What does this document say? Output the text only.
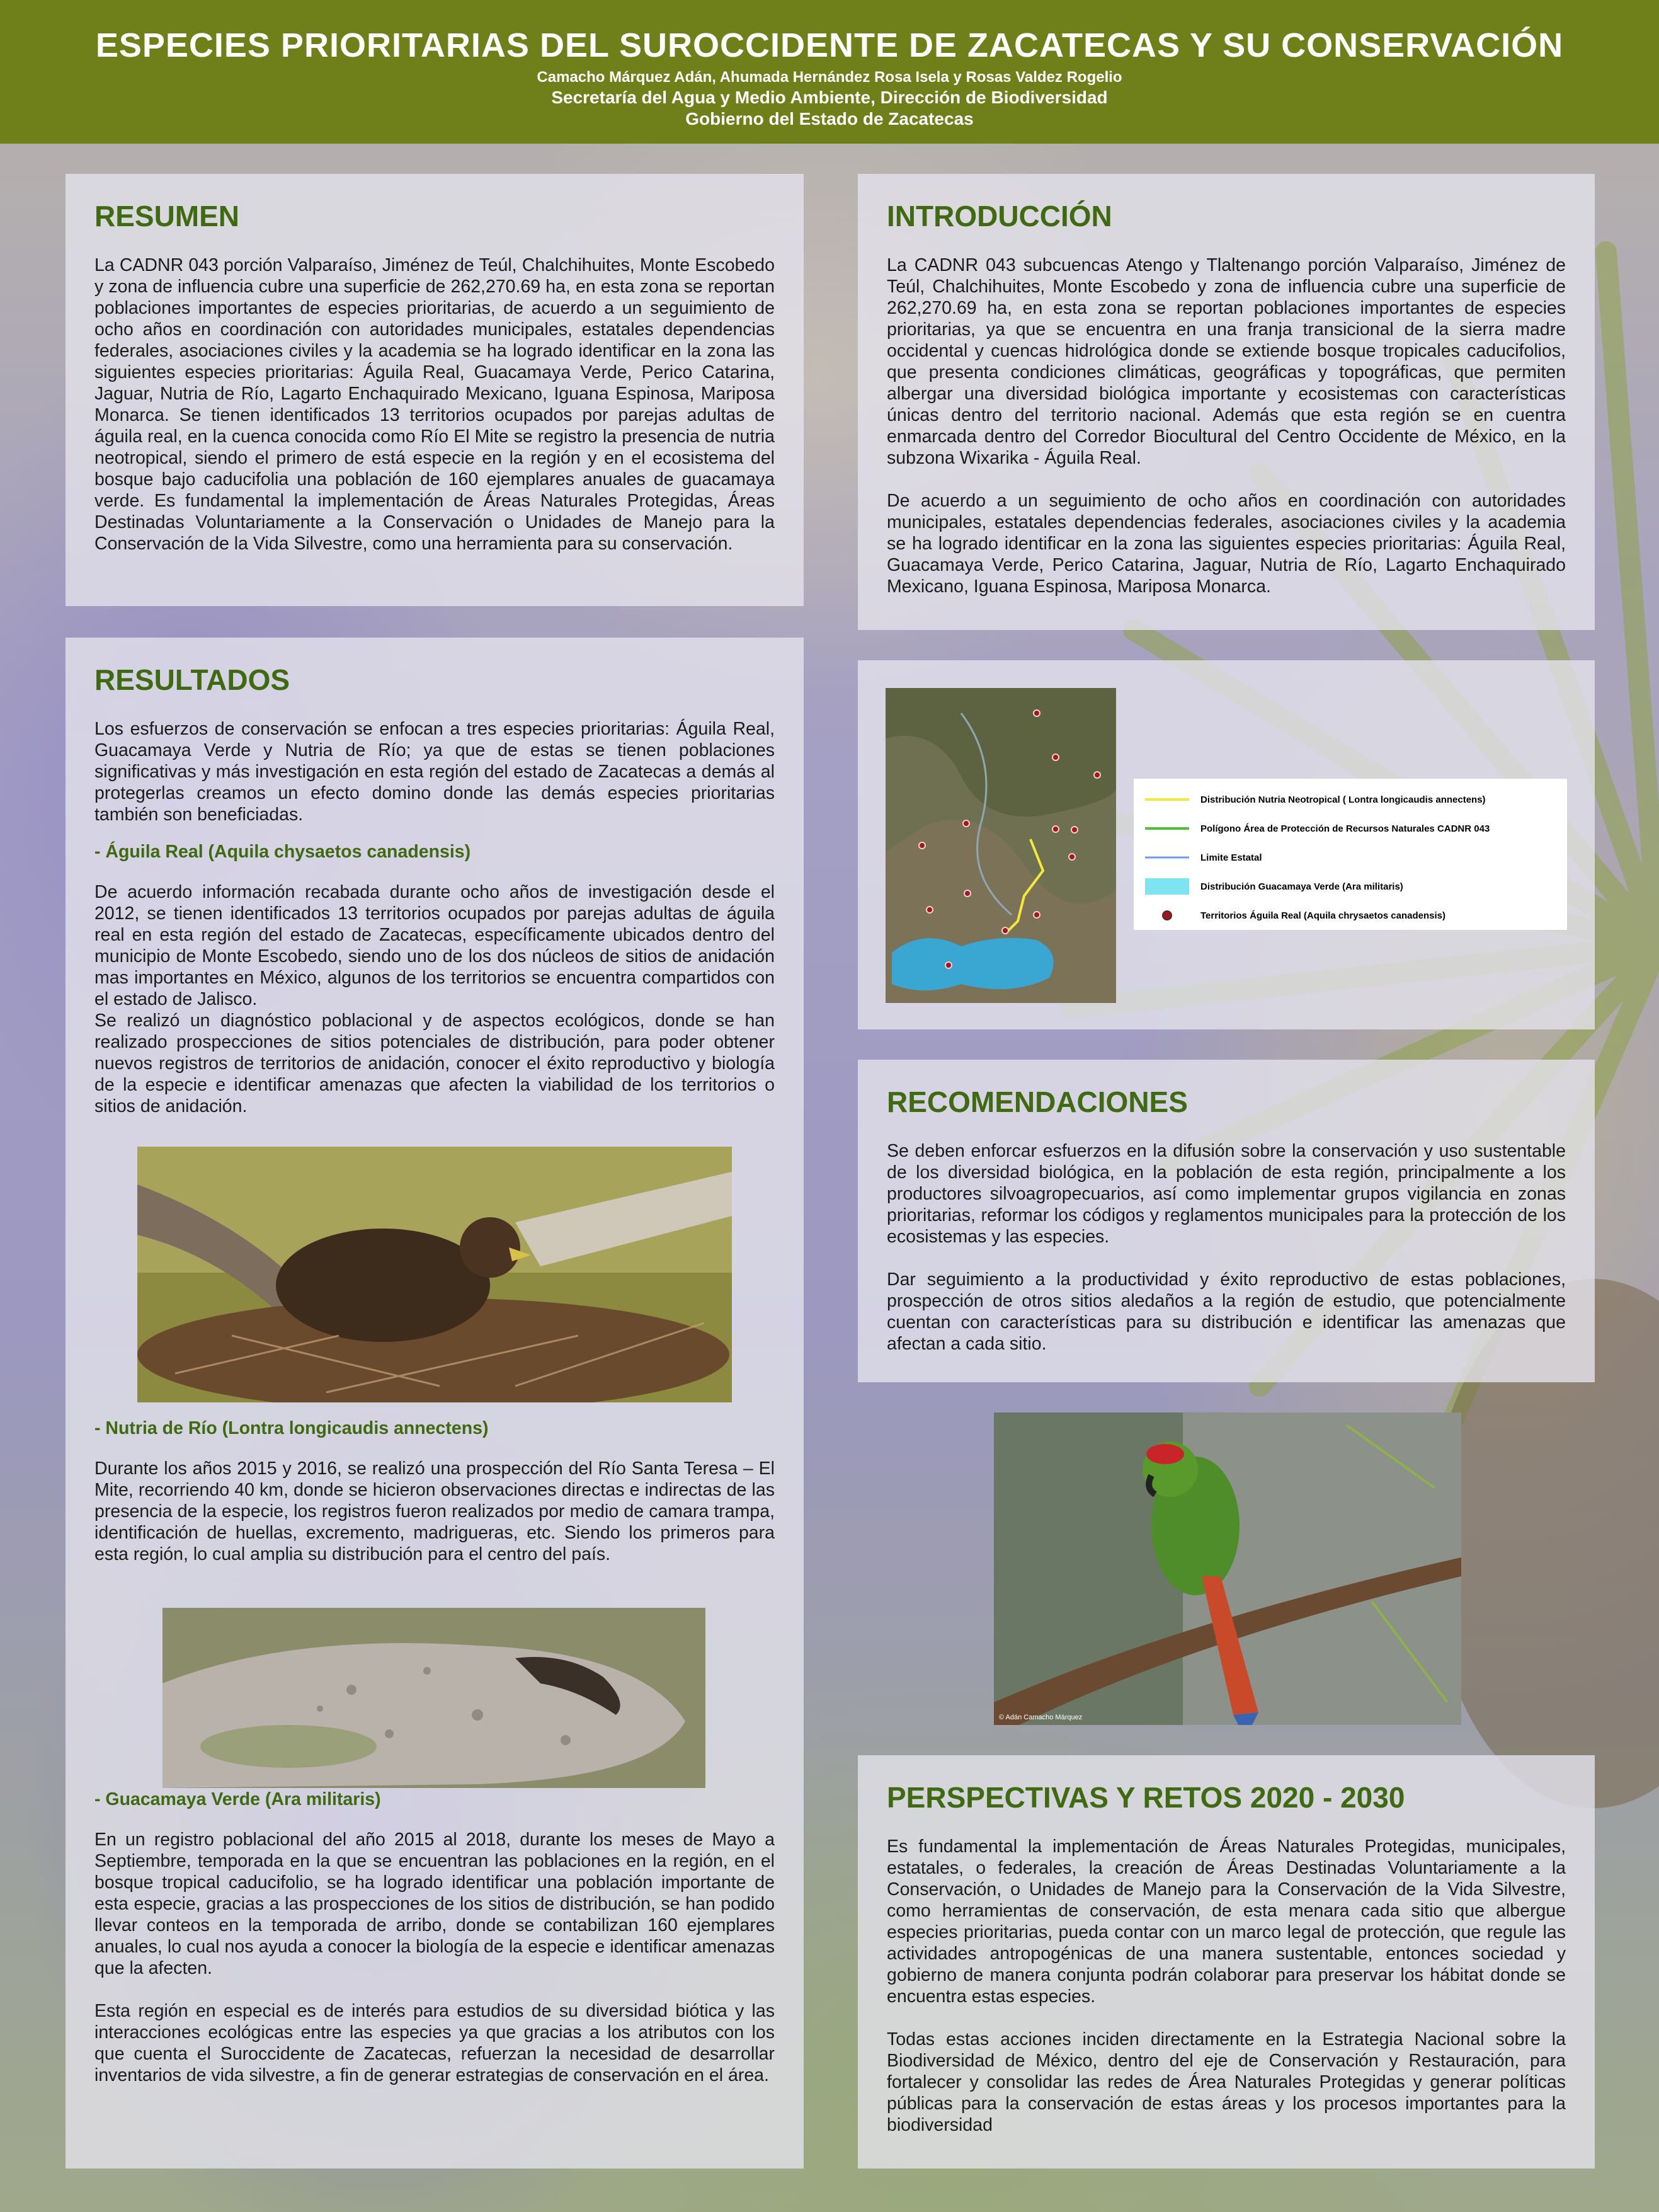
ESPECIES PRIORITARIAS DEL SUROCCIDENTE DE ZACATECAS Y SU CONSERVACIÓN
Camacho Márquez Adán, Ahumada Hernández Rosa Isela y Rosas Valdez Rogelio
Secretaría del Agua y Medio Ambiente, Dirección de Biodiversidad
Gobierno del Estado de Zacatecas
RESUMEN

La CADNR 043 porción Valparaíso, Jiménez de Teúl, Chalchihuites, Monte Escobedo y zona de influencia cubre una superficie de 262,270.69 ha, en esta zona se reportan poblaciones importantes de especies prioritarias, de acuerdo a un seguimiento de ocho años en coordinación con autoridades municipales, estatales dependencias federales, asociaciones civiles y la academia se ha logrado identificar en la zona las siguientes especies prioritarias: Águila Real, Guacamaya Verde, Perico Catarina, Jaguar, Nutria de Río, Lagarto Enchaquirado Mexicano, Iguana Espinosa, Mariposa Monarca. Se tienen identificados 13 territorios ocupados por parejas adultas de águila real, en la cuenca conocida como Río El Mite se registro la presencia de nutria neotropical, siendo el primero de está especie en la región y en el ecosistema del bosque bajo caducifolia una población de 160 ejemplares anuales de guacamaya verde. Es fundamental la implementación de Áreas Naturales Protegidas, Áreas Destinadas Voluntariamente a la Conservación o Unidades de Manejo para la Conservación de la Vida Silvestre, como una herramienta para su conservación.

INTRODUCCIÓN

La CADNR 043 subcuencas Atengo y Tlaltenango porción Valparaíso, Jiménez de Teúl, Chalchihuites, Monte Escobedo y zona de influencia cubre una superficie de 262,270.69 ha, en esta zona se reportan poblaciones importantes de especies prioritarias, ya que se encuentra en una franja transicional de la sierra madre occidental y cuencas hidrológica donde se extiende bosque tropicales caducifolios, que presenta condiciones climáticas, geográficas y topográficas, que permiten albergar una diversidad biológica importante y ecosistemas con características únicas dentro del territorio nacional. Además que esta región se en cuentra enmarcada dentro del Corredor Biocultural del Centro Occidente de México, en la subzona Wixarika - Águila Real.

De acuerdo a un seguimiento de ocho años en coordinación con autoridades municipales, estatales dependencias federales, asociaciones civiles y la academia se ha logrado identificar en la zona las siguientes especies prioritarias: Águila Real, Guacamaya Verde, Perico Catarina, Jaguar, Nutria de Río, Lagarto Enchaquirado Mexicano, Iguana Espinosa, Mariposa Monarca.

Distribución Nutria Neotropical ( Lontra longicaudis annectens)
Polígono Área de Protección de Recursos Naturales CADNR 043
Limite Estatal
Distribución Guacamaya Verde (Ara militaris)
Territorios Águila Real (Aquila chrysaetos canadensis)
RESULTADOS

Los esfuerzos de conservación se enfocan a tres especies prioritarias: Águila Real, Guacamaya Verde y Nutria de Río; ya que de estas se tienen poblaciones significativas y más investigación en esta región del estado de Zacatecas a demás al protegerlas creamos un efecto domino donde las demás especies prioritarias también son beneficiadas.

- Águila Real (Aquila chysaetos canadensis)

De acuerdo información recabada durante ocho años de investigación desde el 2012, se tienen identificados 13 territorios ocupados por parejas adultas de águila real en esta región del estado de Zacatecas, específicamente ubicados dentro del municipio de Monte Escobedo, siendo uno de los dos núcleos de sitios de anidación mas importantes en México, algunos de los territorios se encuentra compartidos con el estado de Jalisco.

Se realizó un diagnóstico poblacional y de aspectos ecológicos, donde se han realizado prospecciones de sitios potenciales de distribución, para poder obtener nuevos registros de territorios de anidación, conocer el éxito reproductivo y biología de la especie e identificar amenazas que afecten la viabilidad de los territorios o sitios de anidación.

- Nutria de Río (Lontra longicaudis annectens)

Durante los años 2015 y 2016, se realizó una prospección del Río Santa Teresa – El Mite, recorriendo 40 km, donde se hicieron observaciones directas e indirectas de las presencia de la especie, los registros fueron realizados por medio de camara trampa, identificación de huellas, excremento, madrigueras, etc. Siendo los primeros para esta región, lo cual amplia su distribución para el centro del país.

- Guacamaya Verde (Ara militaris)

En un registro poblacional del año 2015 al 2018, durante los meses de Mayo a Septiembre, temporada en la que se encuentran las poblaciones en la región, en el bosque tropical caducifolio, se ha logrado identificar una población importante de esta especie, gracias a las prospecciones de los sitios de distribución, se han podido llevar conteos en la temporada de arribo, donde se contabilizan 160 ejemplares anuales, lo cual nos ayuda a conocer la biología de la especie e identificar amenazas que la afecten.

Esta región en especial es de interés para estudios de su diversidad biótica y las interacciones ecológicas entre las especies ya que gracias a los atributos con los que cuenta el Suroccidente de Zacatecas, refuerzan la necesidad de desarrollar inventarios de vida silvestre, a fin de generar estrategias de conservación en el área.

RECOMENDACIONES

Se deben enforcar esfuerzos en la difusión sobre la conservación y uso sustentable de los diversidad biológica, en la población de esta región, principalmente a los productores silvoagropecuarios, así como implementar grupos vigilancia en zonas prioritarias, reformar los códigos y reglamentos municipales para la protección de los ecosistemas y las especies.

Dar seguimiento a la productividad y éxito reproductivo de estas poblaciones, prospección de otros sitios aledaños a la región de estudio, que potencialmente cuentan con características para su distribución e identificar las amenazas que afectan a cada sitio.

© Adán Camacho Márquez
PERSPECTIVAS Y RETOS 2020 - 2030

Es fundamental la implementación de Áreas Naturales Protegidas, municipales, estatales, o federales, la creación de Áreas Destinadas Voluntariamente a la Conservación, o Unidades de Manejo para la Conservación de la Vida Silvestre, como herramientas de conservación, de esta menara cada sitio que albergue especies prioritarias, pueda contar con un marco legal de protección, que regule las actividades antropogénicas de una manera sustentable, entonces sociedad y gobierno de manera conjunta podrán colaborar para preservar los hábitat donde se encuentra estas especies.

Todas estas acciones inciden directamente en la Estrategia Nacional sobre la Biodiversidad de México, dentro del eje de Conservación y Restauración, para fortalecer y consolidar las redes de Área Naturales Protegidas y generar políticas públicas para la conservación de estas áreas y los procesos importantes para la biodiversidad
